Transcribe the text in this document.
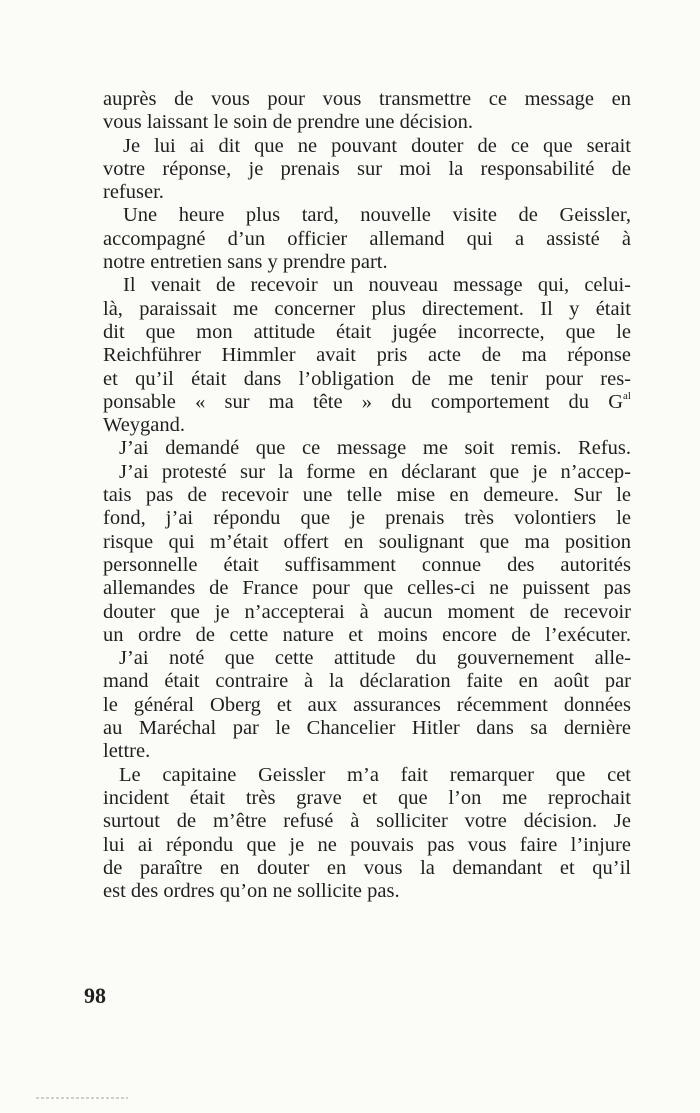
auprès de vous pour vous transmettre ce message en
vous laissant le soin de prendre une décision.
Je lui ai dit que ne pouvant douter de ce que serait
votre réponse, je prenais sur moi la responsabilité de
refuser.
Une heure plus tard, nouvelle visite de Geissler,
accompagné d’un officier allemand qui a assisté à
notre entretien sans y prendre part.
Il venait de recevoir un nouveau message qui, celui-
là, paraissait me concerner plus directement. Il y était
dit que mon attitude était jugée incorrecte, que le
Reichführer Himmler avait pris acte de ma réponse
et qu’il était dans l’obligation de me tenir pour res-
ponsable « sur ma tête » du comportement du $G^{al}$
Weygand.
J’ai demandé que ce message me soit remis. Refus.
J’ai protesté sur la forme en déclarant que je n’accep-
tais pas de recevoir une telle mise en demeure. Sur le
fond, j’ai répondu que je prenais très volontiers le
risque qui m’était offert en soulignant que ma position
personnelle était suffisamment connue des autorités
allemandes de France pour que celles-ci ne puissent pas
douter que je n’accepterai à aucun moment de recevoir
un ordre de cette nature et moins encore de l’exécuter.
J’ai noté que cette attitude du gouvernement alle-
mand était contraire à la déclaration faite en août par
le général Oberg et aux assurances récemment données
au Maréchal par le Chancelier Hitler dans sa dernière
lettre.
Le capitaine Geissler m’a fait remarquer que cet
incident était très grave et que l’on me reprochait
surtout de m’être refusé à solliciter votre décision. Je
lui ai répondu que je ne pouvais pas vous faire l’injure
de paraître en douter en vous la demandant et qu’il
est des ordres qu’on ne sollicite pas.
98
